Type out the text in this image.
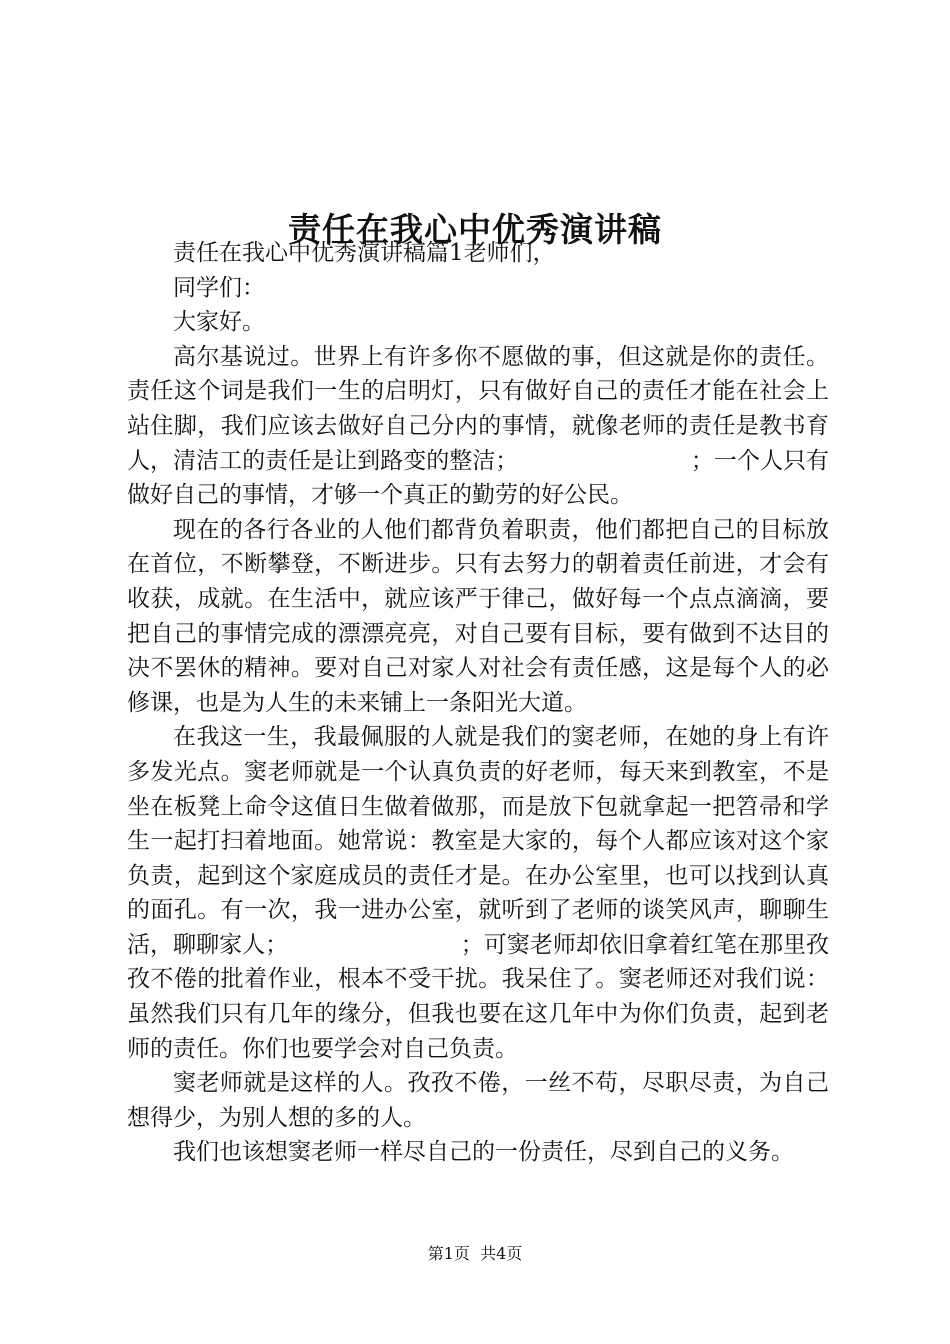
责任在我心中优秀演讲稿

责任在我心中优秀演讲稿篇1老师们，

同学们：

大家好。

高尔基说过。世界上有许多你不愿做的事，但这就是你的责任。责任这个词是我们一生的启明灯，只有做好自己的责任才能在社会上站住脚，我们应该去做好自己分内的事情，就像老师的责任是教书育人，清洁工的责任是让到路变的整洁；　　　　　　　　；一个人只有做好自己的事情，才够一个真正的勤劳的好公民。

现在的各行各业的人他们都背负着职责，他们都把自己的目标放在首位，不断攀登，不断进步。只有去努力的朝着责任前进，才会有收获，成就。在生活中，就应该严于律己，做好每一个点点滴滴，要把自己的事情完成的漂漂亮亮，对自己要有目标，要有做到不达目的决不罢休的精神。要对自己对家人对社会有责任感，这是每个人的必修课，也是为人生的未来铺上一条阳光大道。

在我这一生，我最佩服的人就是我们的窦老师，在她的身上有许多发光点。窦老师就是一个认真负责的好老师，每天来到教室，不是坐在板凳上命令这值日生做着做那，而是放下包就拿起一把笤帚和学生一起打扫着地面。她常说：教室是大家的，每个人都应该对这个家负责，起到这个家庭成员的责任才是。在办公室里，也可以找到认真的面孔。有一次，我一进办公室，就听到了老师的谈笑风声，聊聊生活，聊聊家人；　　　　　　　　；可窦老师却依旧拿着红笔在那里孜孜不倦的批着作业，根本不受干扰。我呆住了。窦老师还对我们说：虽然我们只有几年的缘分，但我也要在这几年中为你们负责，起到老师的责任。你们也要学会对自己负责。

窦老师就是这样的人。孜孜不倦，一丝不苟，尽职尽责，为自己想得少，为别人想的多的人。

我们也该想窦老师一样尽自己的一份责任，尽到自己的义务。

第1页 共4页
